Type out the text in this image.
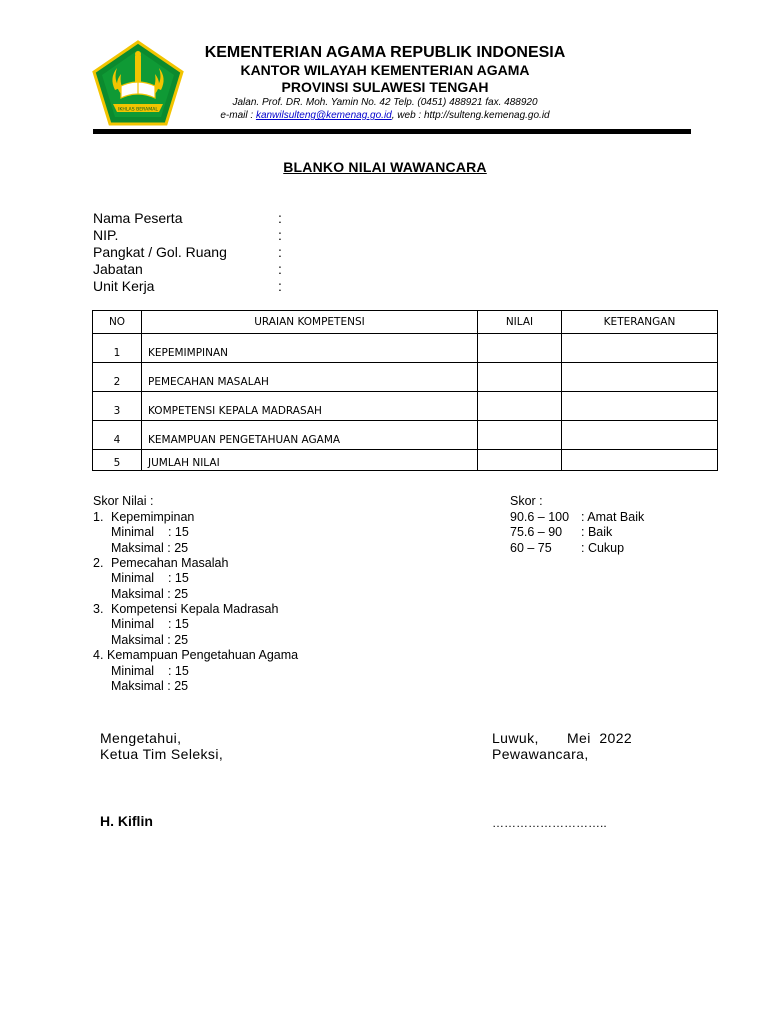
IKHLAS BERAMAL
KEMENTERIAN AGAMA REPUBLIK INDONESIA
KANTOR WILAYAH KEMENTERIAN AGAMA
PROVINSI SULAWESI TENGAH
Jalan. Prof. DR. Moh. Yamin No. 42 Telp. (0451) 488921 fax. 488920
e-mail : kanwilsulteng@kemenag.go.id, web : http://sulteng.kemenag.go.id
BLANKO NILAI WAWANCARA
Nama Peserta	:
NIP.	:
Pangkat / Gol. Ruang	:
Jabatan	:
Unit Kerja	:
NO	URAIAN KOMPETENSI	NILAI	KETERANGAN
1	KEPEMIMPINAN		
2	PEMECAHAN MASALAH		
3	KOMPETENSI KEPALA MADRASAH		
4	KEMAMPUAN PENGETAHUAN AGAMA		
5	JUMLAH NILAI		
Skor Nilai :
1. Kepemimpinan
Minimal    : 15
Maksimal : 25
2. Pemecahan Masalah
Minimal    : 15
Maksimal : 25
3. Kompetensi Kepala Madrasah
Minimal    : 15
Maksimal : 25
4. Kemampuan Pengetahuan Agama
Minimal    : 15
Maksimal : 25
Skor :
90.6 – 100 : Amat Baik
75.6 – 90 : Baik
60 – 75 : Cukup
Mengetahui,
Ketua Tim Seleksi,
H. Kiflin
Luwuk, Mei  2022
Pewawancara,
………………………..
